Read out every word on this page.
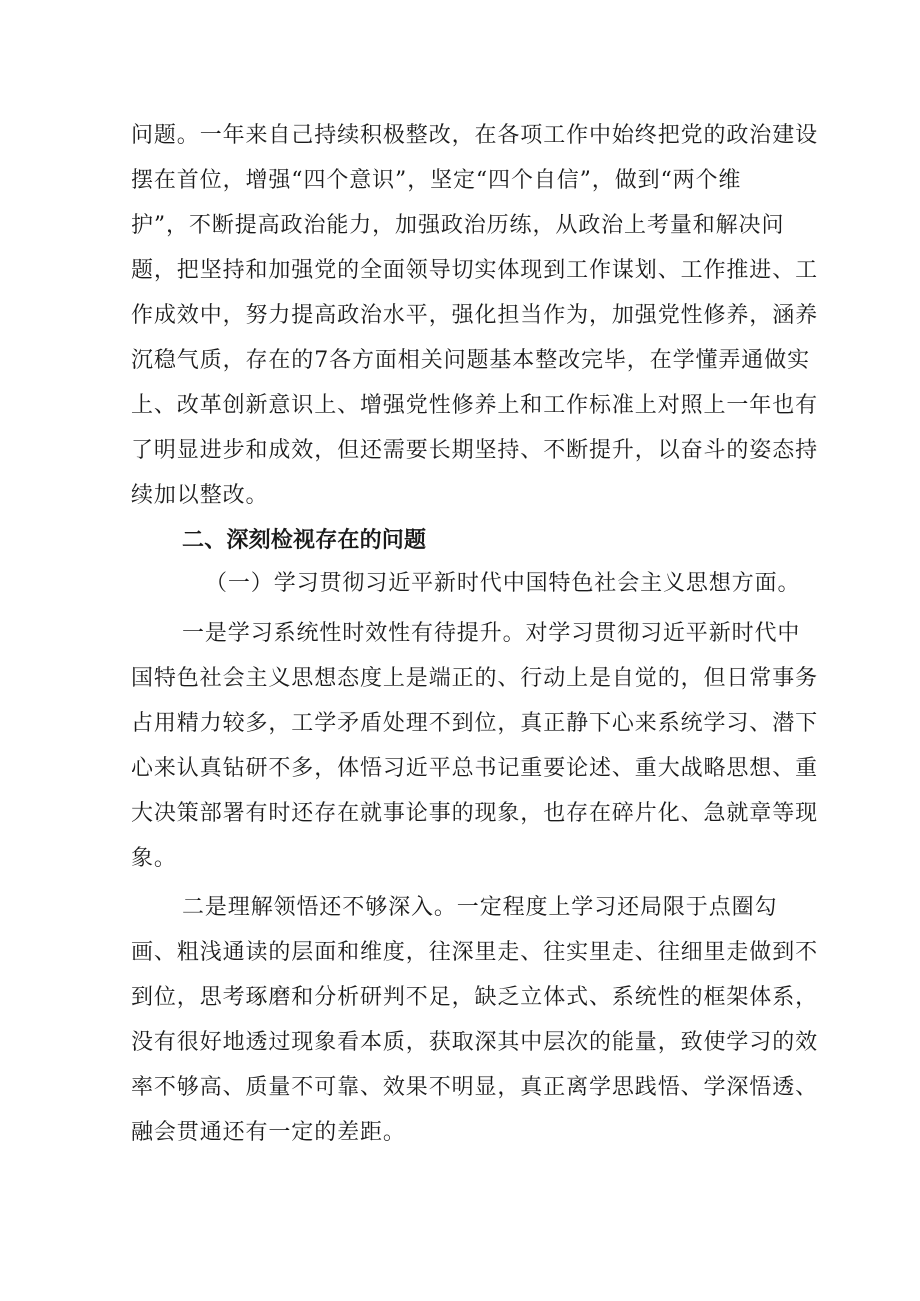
问题。一年来自己持续积极整改，在各项工作中始终把党的政治建设
摆在首位，增强“四个意识”，坚定“四个自信”，做到“两个维
护”，不断提高政治能力，加强政治历练，从政治上考量和解决问
题，把坚持和加强党的全面领导切实体现到工作谋划、工作推进、工
作成效中，努力提高政治水平，强化担当作为，加强党性修养，涵养
沉稳气质，存在的7各方面相关问题基本整改完毕，在学懂弄通做实
上、改革创新意识上、增强党性修养上和工作标准上对照上一年也有
了明显进步和成效，但还需要长期坚持、不断提升，以奋斗的姿态持
续加以整改。
二、深刻检视存在的问题
（一）学习贯彻习近平新时代中国特色社会主义思想方面。
一是学习系统性时效性有待提升。对学习贯彻习近平新时代中
国特色社会主义思想态度上是端正的、行动上是自觉的，但日常事务
占用精力较多，工学矛盾处理不到位，真正静下心来系统学习、潜下
心来认真钻研不多，体悟习近平总书记重要论述、重大战略思想、重
大决策部署有时还存在就事论事的现象，也存在碎片化、急就章等现
象。
二是理解领悟还不够深入。一定程度上学习还局限于点圈勾
画、粗浅通读的层面和维度，往深里走、往实里走、往细里走做到不
到位，思考琢磨和分析研判不足，缺乏立体式、系统性的框架体系，
没有很好地透过现象看本质，获取深其中层次的能量，致使学习的效
率不够高、质量不可靠、效果不明显，真正离学思践悟、学深悟透、
融会贯通还有一定的差距。
